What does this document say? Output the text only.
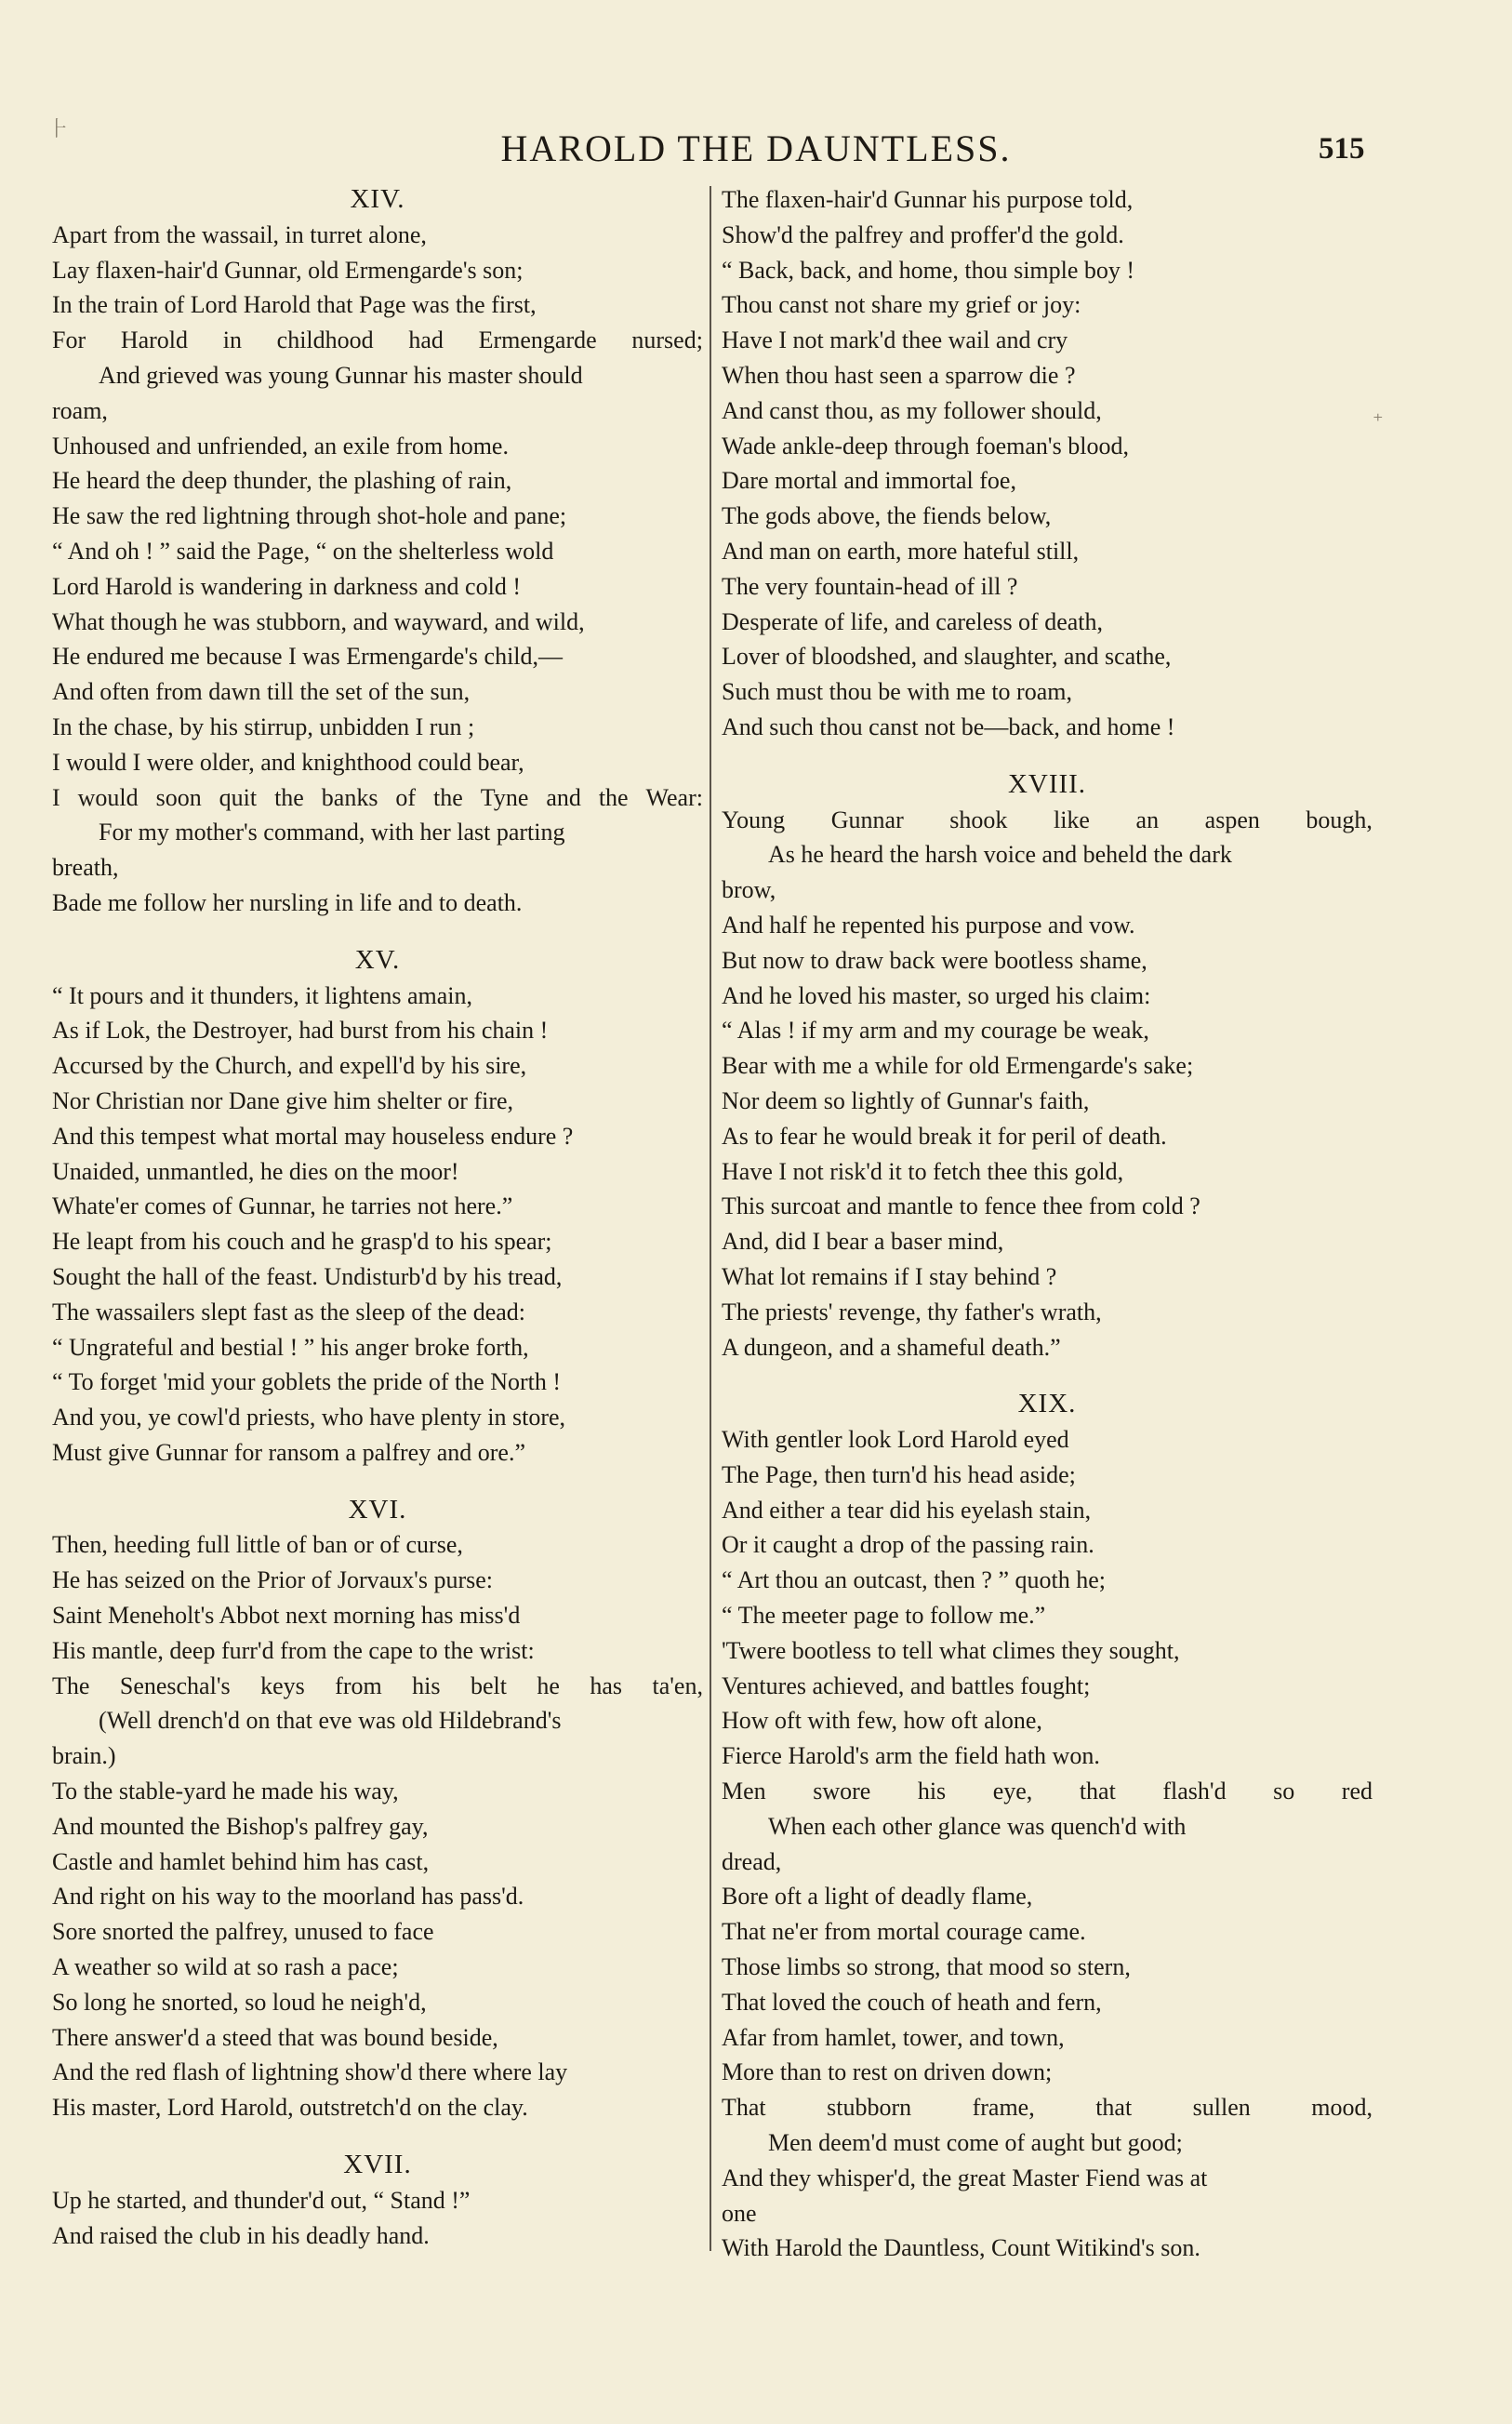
⺊
⁺
HAROLD THE DAUNTLESS.	515
XIV.
Apart from the wassail, in turret alone,
Lay flaxen-hair'd Gunnar, old Ermengarde's son;
In the train of Lord Harold that Page was the first,
For Harold in childhood had Ermengarde nursed;
And grieved was young Gunnar his master should
roam,
Unhoused and unfriended, an exile from home.
He heard the deep thunder, the plashing of rain,
He saw the red lightning through shot-hole and pane;
“ And oh ! ” said the Page, “ on the shelterless wold
Lord Harold is wandering in darkness and cold !
What though he was stubborn, and wayward, and wild,
He endured me because I was Ermengarde's child,—
And often from dawn till the set of the sun,
In the chase, by his stirrup, unbidden I run ;
I would I were older, and knighthood could bear,
I would soon quit the banks of the Tyne and the Wear:
For my mother's command, with her last parting
breath,
Bade me follow her nursling in life and to death.
XV.
“ It pours and it thunders, it lightens amain,
As if Lok, the Destroyer, had burst from his chain !
Accursed by the Church, and expell'd by his sire,
Nor Christian nor Dane give him shelter or fire,
And this tempest what mortal may houseless endure ?
Unaided, unmantled, he dies on the moor!
Whate'er comes of Gunnar, he tarries not here.”
He leapt from his couch and he grasp'd to his spear;
Sought the hall of the feast. Undisturb'd by his tread,
The wassailers slept fast as the sleep of the dead:
“ Ungrateful and bestial ! ” his anger broke forth,
“ To forget 'mid your goblets the pride of the North !
And you, ye cowl'd priests, who have plenty in store,
Must give Gunnar for ransom a palfrey and ore.”
XVI.
Then, heeding full little of ban or of curse,
He has seized on the Prior of Jorvaux's purse:
Saint Meneholt's Abbot next morning has miss'd
His mantle, deep furr'd from the cape to the wrist:
The Seneschal's keys from his belt he has ta'en,
(Well drench'd on that eve was old Hildebrand's
brain.)
To the stable-yard he made his way,
And mounted the Bishop's palfrey gay,
Castle and hamlet behind him has cast,
And right on his way to the moorland has pass'd.
Sore snorted the palfrey, unused to face
A weather so wild at so rash a pace;
So long he snorted, so loud he neigh'd,
There answer'd a steed that was bound beside,
And the red flash of lightning show'd there where lay
His master, Lord Harold, outstretch'd on the clay.
XVII.
Up he started, and thunder'd out, “ Stand !”
And raised the club in his deadly hand.
The flaxen-hair'd Gunnar his purpose told,
Show'd the palfrey and proffer'd the gold.
“ Back, back, and home, thou simple boy !
Thou canst not share my grief or joy:
Have I not mark'd thee wail and cry
When thou hast seen a sparrow die ?
And canst thou, as my follower should,
Wade ankle-deep through foeman's blood,
Dare mortal and immortal foe,
The gods above, the fiends below,
And man on earth, more hateful still,
The very fountain-head of ill ?
Desperate of life, and careless of death,
Lover of bloodshed, and slaughter, and scathe,
Such must thou be with me to roam,
And such thou canst not be—back, and home !
XVIII.
Young Gunnar shook like an aspen bough,
As he heard the harsh voice and beheld the dark
brow,
And half he repented his purpose and vow.
But now to draw back were bootless shame,
And he loved his master, so urged his claim:
“ Alas ! if my arm and my courage be weak,
Bear with me a while for old Ermengarde's sake;
Nor deem so lightly of Gunnar's faith,
As to fear he would break it for peril of death.
Have I not risk'd it to fetch thee this gold,
This surcoat and mantle to fence thee from cold ?
And, did I bear a baser mind,
What lot remains if I stay behind ?
The priests' revenge, thy father's wrath,
A dungeon, and a shameful death.”
XIX.
With gentler look Lord Harold eyed
The Page, then turn'd his head aside;
And either a tear did his eyelash stain,
Or it caught a drop of the passing rain.
“ Art thou an outcast, then ? ” quoth he;
“ The meeter page to follow me.”
'Twere bootless to tell what climes they sought,
Ventures achieved, and battles fought;
How oft with few, how oft alone,
Fierce Harold's arm the field hath won.
Men swore his eye, that flash'd so red
When each other glance was quench'd with
dread,
Bore oft a light of deadly flame,
That ne'er from mortal courage came.
Those limbs so strong, that mood so stern,
That loved the couch of heath and fern,
Afar from hamlet, tower, and town,
More than to rest on driven down;
That	stubborn	frame,	that	sullen	mood,
Men deem'd must come of aught but good;
And they whisper'd, the great Master Fiend was at
one
With Harold the Dauntless, Count Witikind's son.
